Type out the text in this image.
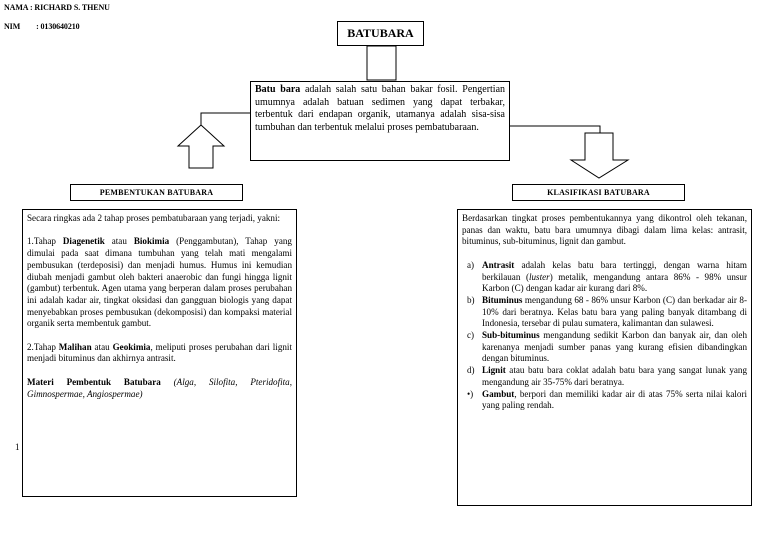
NAMA : RICHARD S. THENU
NIM : 0130640210	BATUBARA
Batu bara adalah salah satu bahan bakar fosil. Pengertian umumnya adalah batuan sedimen yang dapat terbakar, terbentuk dari endapan organik, utamanya adalah sisa-sisa tumbuhan dan terbentuk melalui proses pembatubaraan.
PEMBENTUKAN BATUBARA	KLASIFIKASI BATUBARA

Secara ringkas ada 2 tahap proses pembatubaraan yang terjadi, yakni:

1.Tahap Diagenetik atau Biokimia (Penggambutan), Tahap yang dimulai pada saat dimana tumbuhan yang telah mati mengalami pembusukan (terdeposisi) dan menjadi humus. Humus ini kemudian diubah menjadi gambut oleh bakteri anaerobic dan fungi hingga lignit (gambut) terbentuk. Agen utama yang berperan dalam proses perubahan ini adalah kadar air, tingkat oksidasi dan gangguan biologis yang dapat menyebabkan proses pembusukan (dekomposisi) dan kompaksi material organik serta membentuk gambut.

2.Tahap Malihan atau Geokimia, meliputi proses perubahan dari lignit menjadi bituminus dan akhirnya antrasit.

Materi Pembentuk Batubara (Alga, Silofita, Pteridofita, Gimnospermae, Angiospermae)

1

Berdasarkan tingkat proses pembentukannya yang dikontrol oleh tekanan, panas dan waktu, batu bara umumnya dibagi dalam lima kelas: antrasit, bituminus, sub-bituminus, lignit dan gambut.

a) Antrasit adalah kelas batu bara tertinggi, dengan warna hitam berkilauan (luster) metalik, mengandung antara 86% - 98% unsur Karbon (C) dengan kadar air kurang dari 8%.
b) Bituminus mengandung 68 - 86% unsur Karbon (C) dan berkadar air 8-10% dari beratnya. Kelas batu bara yang paling banyak ditambang di Indonesia, tersebar di pulau sumatera, kalimantan dan sulawesi.
c) Sub-bituminus mengandung sedikit Karbon dan banyak air, dan oleh karenanya menjadi sumber panas yang kurang efisien dibandingkan dengan bituminus.
d) Lignit atau batu bara coklat adalah batu bara yang sangat lunak yang mengandung air 35-75% dari beratnya.
•) Gambut, berpori dan memiliki kadar air di atas 75% serta nilai kalori yang paling rendah.
